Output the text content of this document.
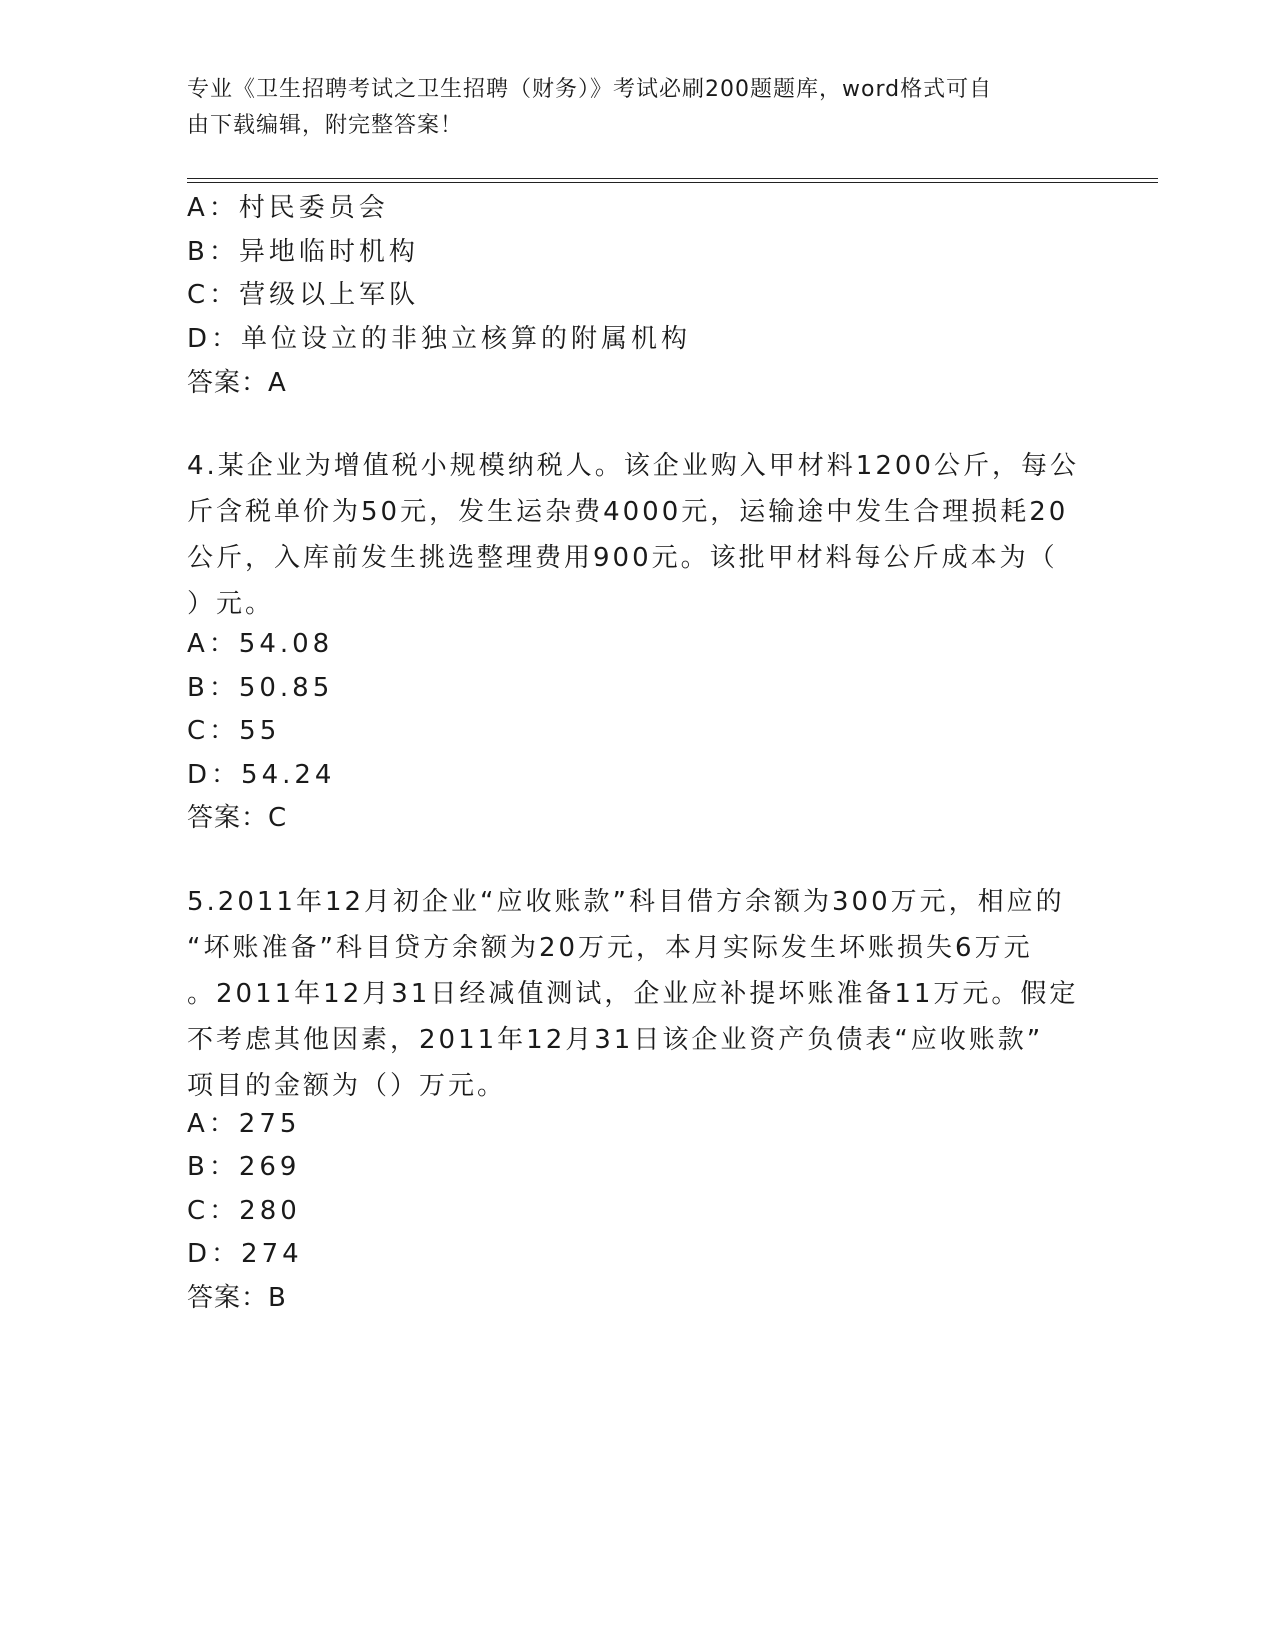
专业《卫生招聘考试之卫生招聘（财务）》考试必刷200题题库，word格式可自
由下载编辑，附完整答案！
A：村民委员会
B：异地临时机构
C：营级以上军队
D：单位设立的非独立核算的附属机构
答案：A
4.某企业为增值税小规模纳税人。该企业购入甲材料1200公斤，每公
斤含税单价为50元，发生运杂费4000元，运输途中发生合理损耗20
公斤，入库前发生挑选整理费用900元。该批甲材料每公斤成本为（
）元。
A：54.08
B：50.85
C：55
D：54.24
答案：C
5.2011年12月初企业“应收账款”科目借方余额为300万元，相应的
“坏账准备”科目贷方余额为20万元，本月实际发生坏账损失6万元
。2011年12月31日经减值测试，企业应补提坏账准备11万元。假定
不考虑其他因素，2011年12月31日该企业资产负债表“应收账款”
项目的金额为（）万元。
A：275
B：269
C：280
D：274
答案：B
